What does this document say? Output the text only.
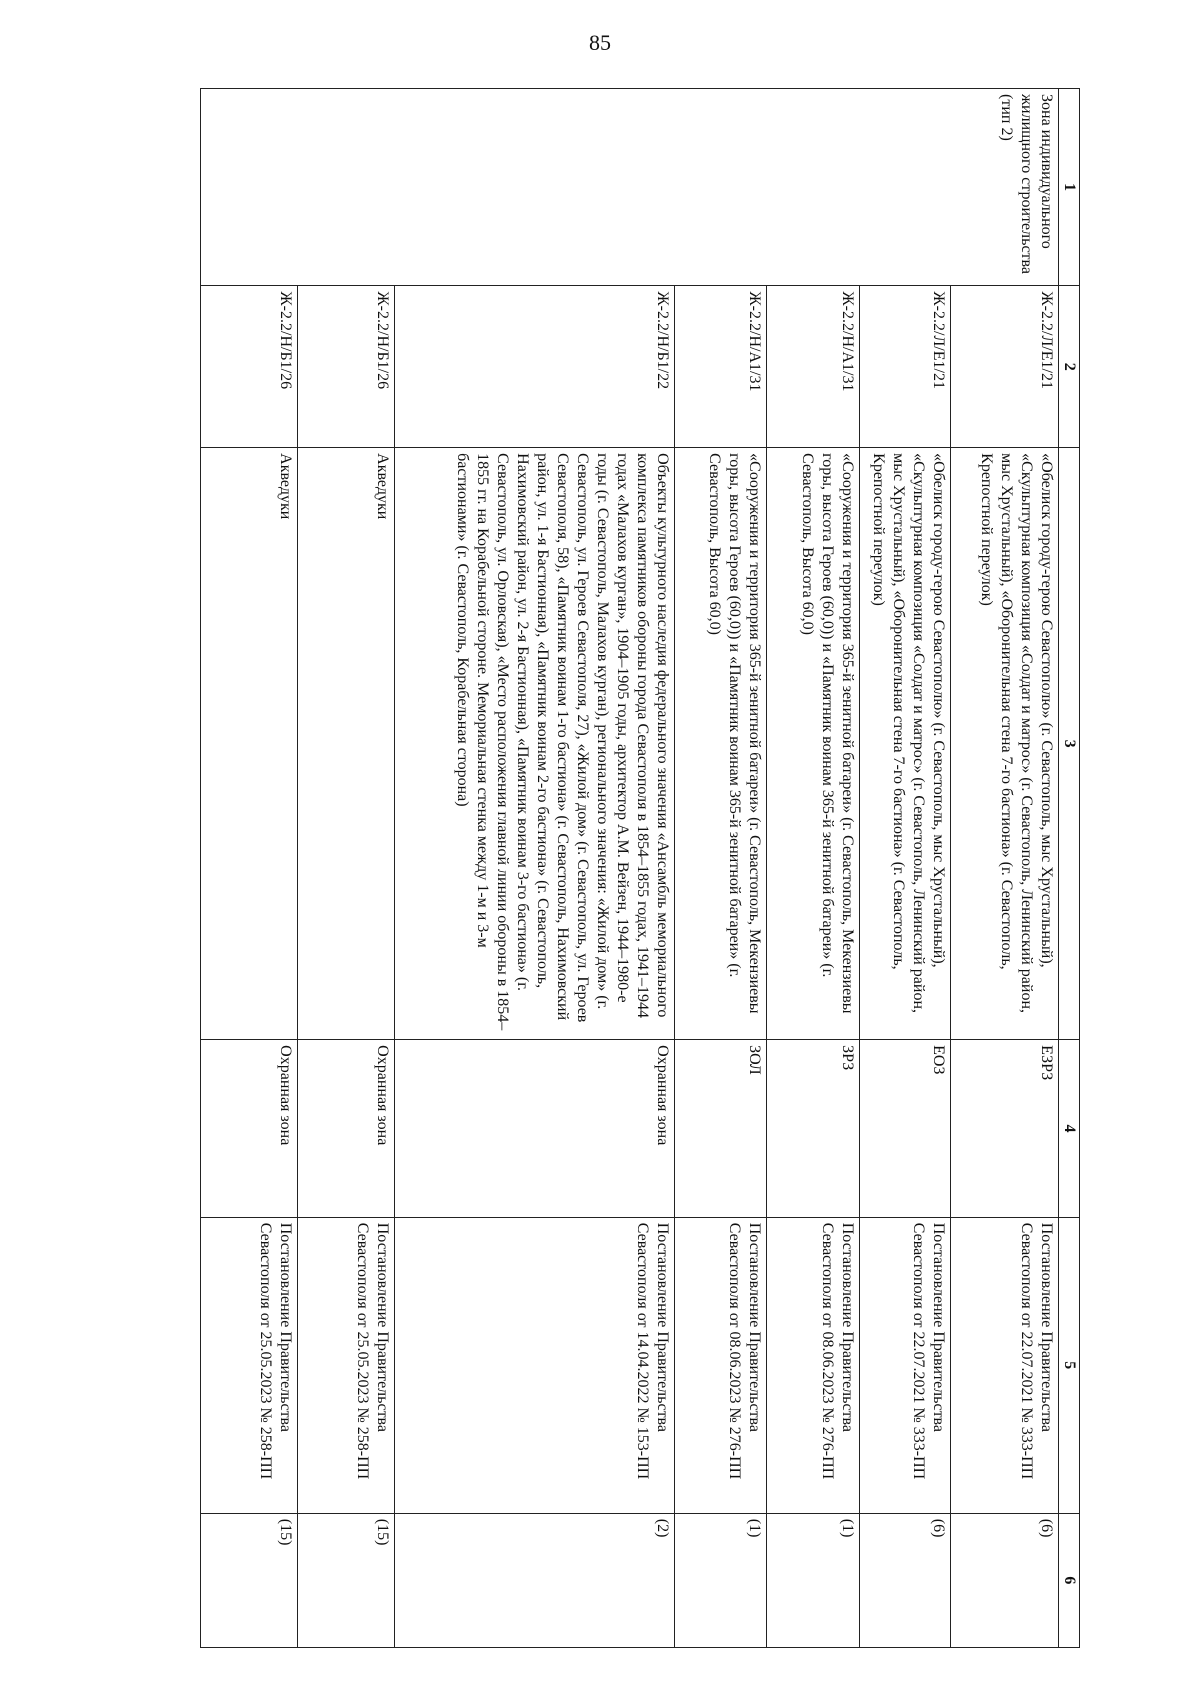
85
1	2	3	4	5	6
Зона индивидуального жилищного строительства (тип 2)	Ж-2.2/Л/Е1/21	«Обелиск городу-герою Севастополю» (г. Севастополь, мыс Хрустальный), «Скульптурная композиция «Солдат и матрос» (г. Севастополь, Ленинский район, мыс Хрустальный), «Оборонительная стена 7-го бастиона» (г. Севастополь, Крепостной переулок)	ЕЗРЗ	Постановление Правительства Севастополя от 22.07.2021 № 333-ПП	(6)
	Ж-2.2/Л/Е1/21	«Обелиск городу-герою Севастополю» (г. Севастополь, мыс Хрустальный), «Скульптурная композиция «Солдат и матрос» (г. Севастополь, Ленинский район, мыс Хрустальный), «Оборонительная стена 7-го бастиона» (г. Севастополь, Крепостной переулок)	ЕОЗ	Постановление Правительства Севастополя от 22.07.2021 № 333-ПП	(6)
	Ж-2.2/Н/А1/31	«Сооружения и территория 365-й зенитной батареи» (г. Севастополь, Мекензиевы горы, высота Героев (60,0)) и «Памятник воинам 365-й зенитной батареи» (г. Севастополь, Высота 60,0)	ЗРЗ	Постановление Правительства Севастополя от 08.06.2023 № 276-ПП	(1)
	Ж-2.2/Н/А1/31	«Сооружения и территория 365-й зенитной батареи» (г. Севастополь, Мекензиевы горы, высота Героев (60,0)) и «Памятник воинам 365-й зенитной батареи» (г. Севастополь, Высота 60,0)	ЗОЛ	Постановление Правительства Севастополя от 08.06.2023 № 276-ПП	(1)
	Ж-2.2/Н/Б1/22	Объекты культурного наследия федерального значения «Ансамбль мемориального комплекса памятников обороны города Севастополя в 1854–1855 годах, 1941–1944 годах «Малахов курган», 1904–1905 годы, архитектор А.М. Вейзен, 1944–1980-е годы (г. Севастополь, Малахов курган), регионального значения: «Жилой дом» (г. Севастополь, ул. Героев Севастополя, 27), «Жилой дом» (г. Севастополь, ул. Героев Севастополя, 58), «Памятник воинам 1-го бастиона» (г. Севастополь, Нахимовский район, ул. 1-я Бастионная), «Памятник воинам 2-го бастиона» (г. Севастополь, Нахимовский район, ул. 2-я Бастионная), «Памятник воинам 3-го бастиона» (г. Севастополь, ул. Орловская), «Место расположения главной линии обороны в 1854–1855 гг. на Корабельной стороне. Мемориальная стенка между 1-м и 3-м бастионами» (г. Севастополь, Корабельная сторона)	Охранная зона	Постановление Правительства Севастополя от 14.04.2022 № 153-ПП	(2)
	Ж-2.2/Н/Б1/26	Акведуки	Охранная зона	Постановление Правительства Севастополя от 25.05.2023 № 258-ПП	(15)
	Ж-2.2/Н/Б1/26	Акведуки	Охранная зона	Постановление Правительства Севастополя от 25.05.2023 № 258-ПП	(15)
